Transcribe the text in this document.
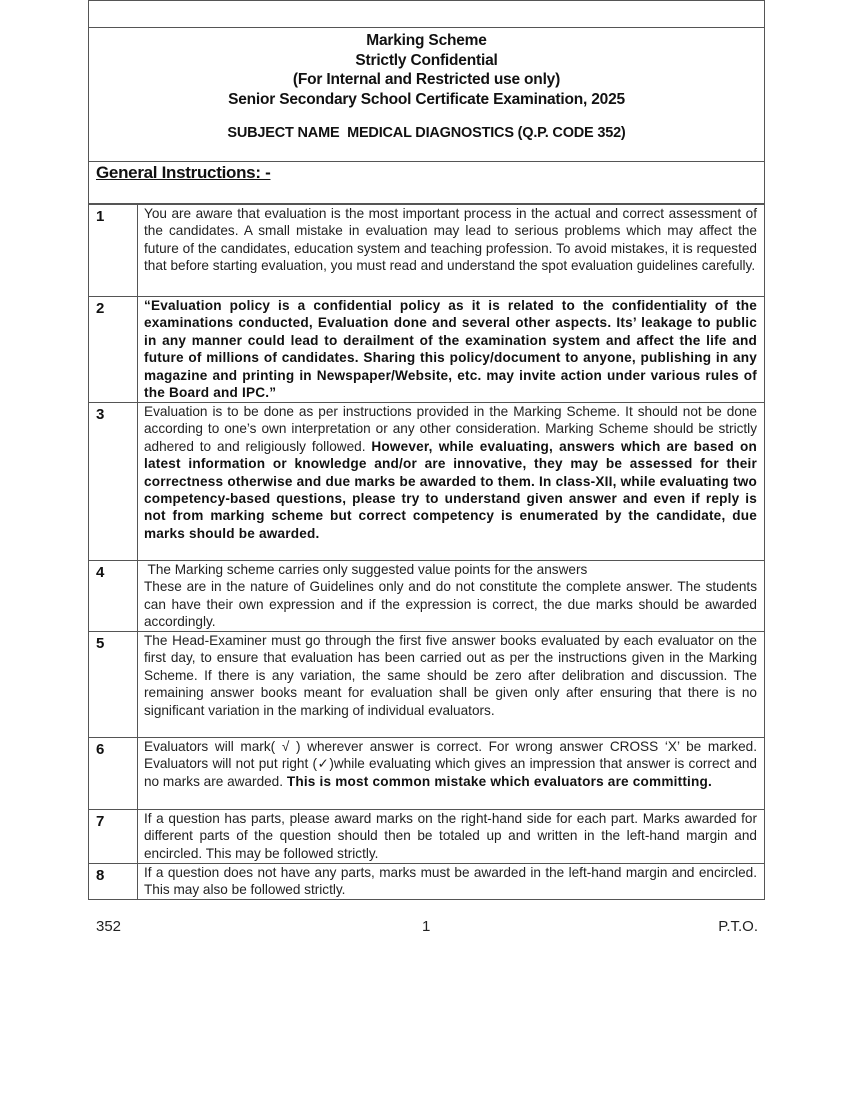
Marking Scheme
Strictly Confidential
(For Internal and Restricted use only)
Senior Secondary School Certificate Examination, 2025
SUBJECT NAME  MEDICAL DIAGNOSTICS (Q.P. CODE 352)
General Instructions: -
1	You are aware that evaluation is the most important process in the actual and correct assessment of the candidates. A small mistake in evaluation may lead to serious problems which may affect the future of the candidates, education system and teaching profession. To avoid mistakes, it is requested that before starting evaluation, you must read and understand the spot evaluation guidelines carefully.
2	“Evaluation policy is a confidential policy as it is related to the confidentiality of the examinations conducted, Evaluation done and several other aspects. Its’ leakage to public in any manner could lead to derailment of the examination system and affect the life and future of millions of candidates. Sharing this policy/document to anyone, publishing in any magazine and printing in Newspaper/Website, etc. may invite action under various rules of the Board and IPC.”
3	Evaluation is to be done as per instructions provided in the Marking Scheme. It should not be done according to one’s own interpretation or any other consideration. Marking Scheme should be strictly adhered to and religiously followed. However, while evaluating, answers which are based on latest information or knowledge and/or are innovative, they may be assessed for their correctness otherwise and due marks be awarded to them. In class-XII, while evaluating two competency-based questions, please try to understand given answer and even if reply is not from marking scheme but correct competency is enumerated by the candidate, due marks should be awarded.
4	The Marking scheme carries only suggested value points for the answers
These are in the nature of Guidelines only and do not constitute the complete answer. The students can have their own expression and if the expression is correct, the due marks should be awarded accordingly.

5	The Head-Examiner must go through the first five answer books evaluated by each evaluator on the first day, to ensure that evaluation has been carried out as per the instructions given in the Marking Scheme. If there is any variation, the same should be zero after delibration and discussion. The remaining answer books meant for evaluation shall be given only after ensuring that there is no significant variation in the marking of individual evaluators.
6	Evaluators will mark( √ ) wherever answer is correct. For wrong answer CROSS ‘X’ be marked. Evaluators will not put right (✓)while evaluating which gives an impression that answer is correct and no marks are awarded. This is most common mistake which evaluators are committing.
7	If a question has parts, please award marks on the right-hand side for each part. Marks awarded for different parts of the question should then be totaled up and written in the left-hand margin and encircled. This may be followed strictly.
8	If a question does not have any parts, marks must be awarded in the left-hand margin and encircled. This may also be followed strictly.
352	1	P.T.O.
